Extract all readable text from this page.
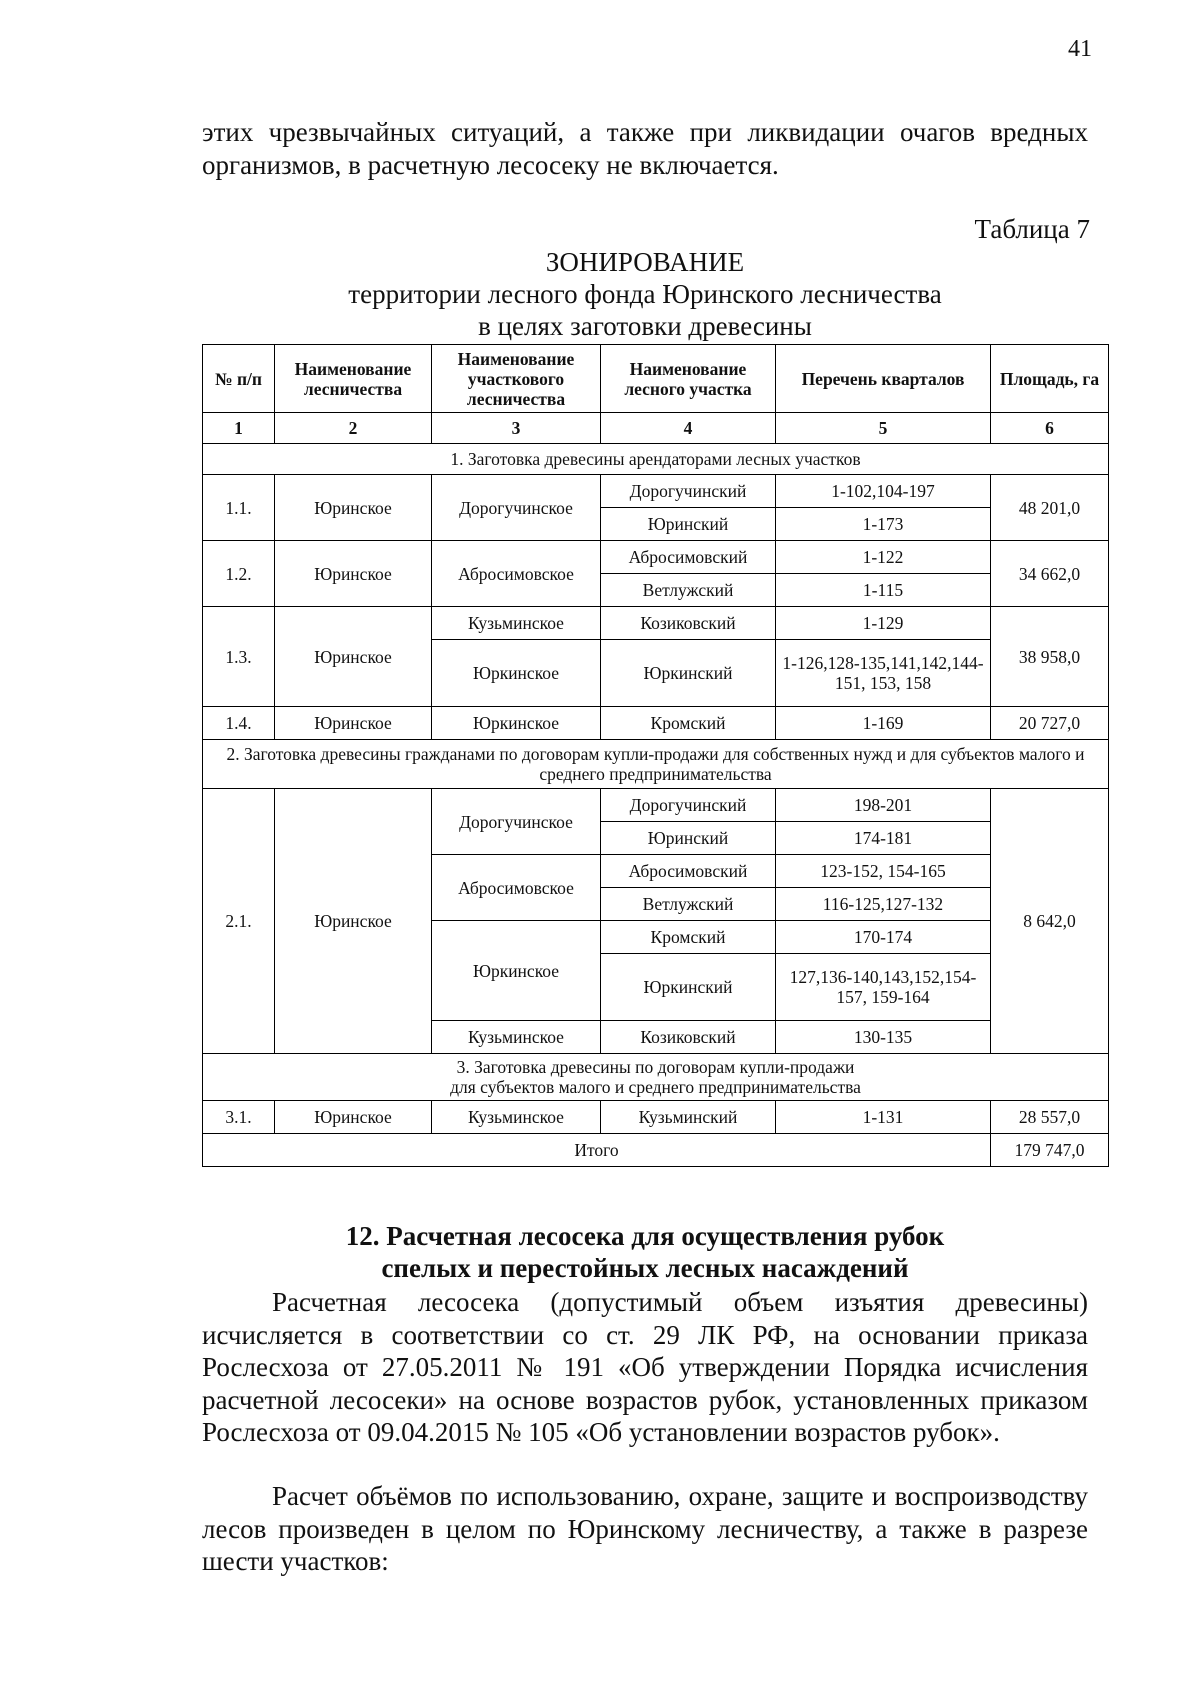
41

этих чрезвычайных ситуаций, а также при ликвидации очагов вредных организмов, в расчетную лесосеку не включается.

Таблица 7
ЗОНИРОВАНИЕ
территории лесного фонда Юринского лесничества
в целях заготовки древесины
№ п/п	Наименование лесничества	Наименование участкового лесничества	Наименование лесного участка	Перечень кварталов	Площадь, га
1	2	3	4	5	6
1. Заготовка древесины арендаторами лесных участков					
1.1.	Юринское	Дорогучинское	Дорогучинский	1-102,104-197	48 201,0
			Юринский	1-173	
1.2.	Юринское	Абросимовское	Абросимовский	1-122	34 662,0
			Ветлужский	1-115	
1.3.	Юринское	Кузьминское	Козиковский	1-129	38 958,0
		Юркинское	Юркинский	1-126,128-135,141,142,144-151, 153, 158	
1.4.	Юринское	Юркинское	Кромский	1-169	20 727,0
2. Заготовка древесины гражданами по договорам купли-продажи для собственных нужд и для субъектов малого и среднего предпринимательства					
2.1.	Юринское	Дорогучинское	Дорогучинский	198-201	8 642,0
			Юринский	174-181	
		Абросимовское	Абросимовский	123-152, 154-165	
			Ветлужский	116-125,127-132	
		Юркинское	Кромский	170-174	
			Юркинский	127,136-140,143,152,154-157, 159-164	
		Кузьминское	Козиковский	130-135	

3. Заготовка древесины по договорам купли-продажи
для субъектов малого и среднего предпринимательства					

3.1.	Юринское	Кузьминское	Кузьминский	1-131	28 557,0
Итого					179 747,0
12. Расчетная лесосека для осуществления рубок
спелых и перестойных лесных насаждений

Расчетная лесосека (допустимый объем изъятия древесины) исчисляется в соответствии со ст. 29 ЛК РФ, на основании приказа Рослесхоза от 27.05.2011 № 191 «Об утверждении Порядка исчисления расчетной лесосеки» на основе возрастов рубок, установленных приказом Рослесхоза от 09.04.2015 № 105 «Об установлении возрастов рубок».

Расчет объёмов по использованию, охране, защите и воспроизводству лесов произведен в целом по Юринскому лесничеству, а также в разрезе шести участков:
